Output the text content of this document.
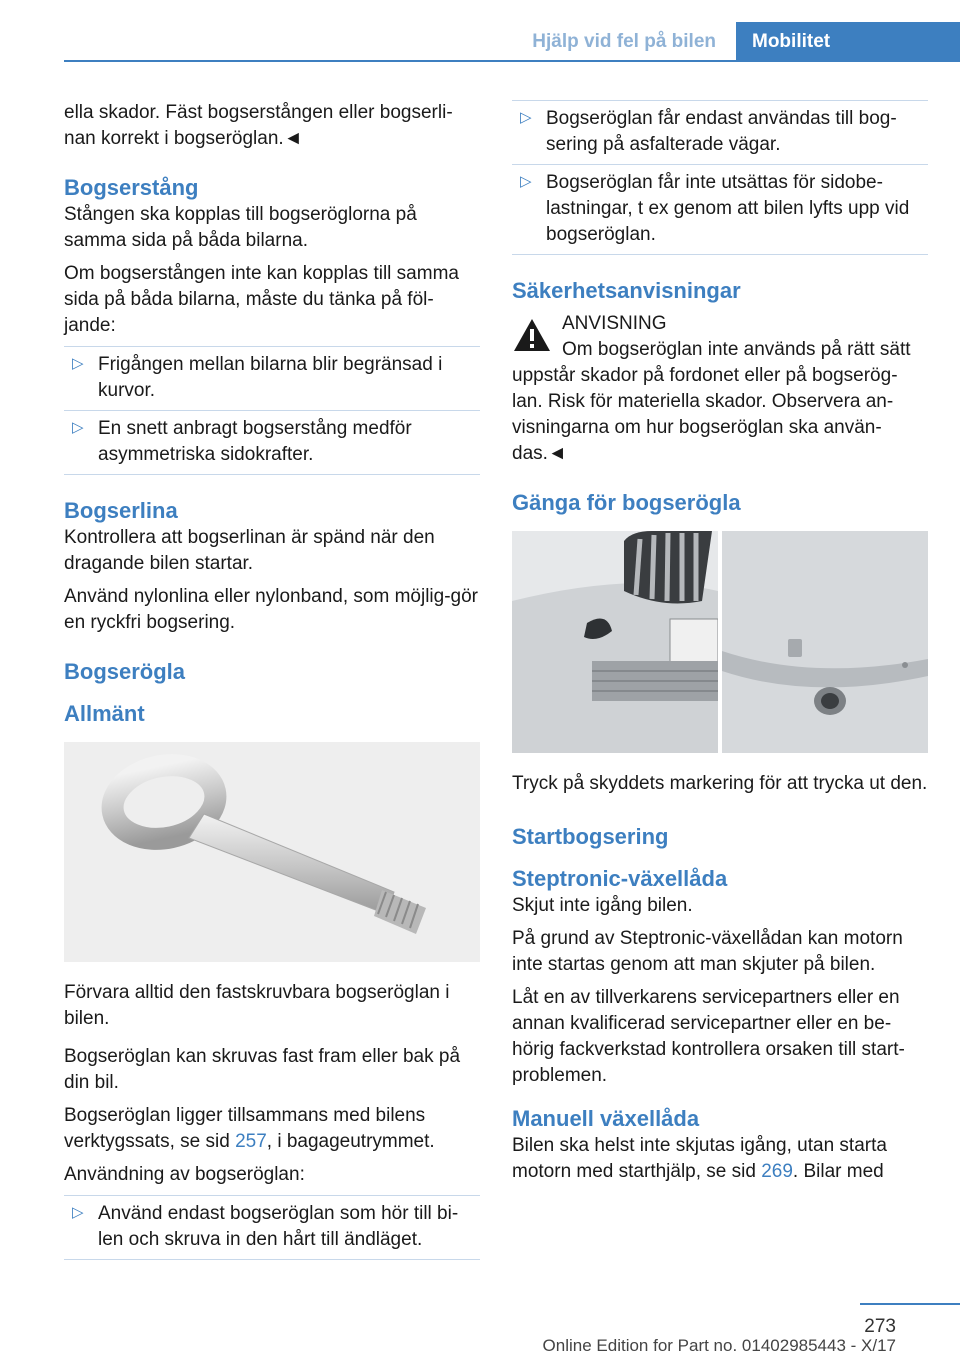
Hjälp vid fel på bilen	Mobilitet

ella skador. Fäst bogserstången eller bogserli-nan korrekt i bogseröglan.◄

Bogserstång

Stången ska kopplas till bogseröglorna på samma sida på båda bilarna.

Om bogserstången inte kan kopplas till samma sida på båda bilarna, måste du tänka på föl-jande:

▷ Frigången mellan bilarna blir begränsad i kurvor.
▷ En snett anbragt bogserstång medför asymmetriska sidokrafter.
Bogserlina

Kontrollera att bogserlinan är spänd när den dragande bilen startar.

Använd nylonlina eller nylonband, som möjlig-gör en ryckfri bogsering.

Bogserögla
Allmänt

Förvara alltid den fastskruvbara bogseröglan i bilen.

Bogseröglan kan skruvas fast fram eller bak på din bil.

Bogseröglan ligger tillsammans med bilens verktygssats, se sid 257, i bagageutrymmet.

Användning av bogseröglan:

▷ Använd endast bogseröglan som hör till bi-len och skruva in den hårt till ändläget.
▷ Bogseröglan får endast användas till bog-sering på asfalterade vägar.
▷ Bogseröglan får inte utsättas för sidobe-lastningar, t ex genom att bilen lyfts upp vid bogseröglan.
Säkerhetsanvisningar
ANVISNING
Om bogseröglan inte används på rätt sätt
uppstår skador på fordonet eller på bogserög-lan. Risk för materiella skador. Observera an-visningarna om hur bogseröglan ska använ-das.◄
Gänga för bogserögla

Tryck på skyddets markering för att trycka ut den.

Startbogsering
Steptronic-växellåda

Skjut inte igång bilen.

På grund av Steptronic-växellådan kan motorn inte startas genom att man skjuter på bilen.

Låt en av tillverkarens servicepartners eller en annan kvalificerad servicepartner eller en be-hörig fackverkstad kontrollera orsaken till start-problemen.

Manuell växellåda

Bilen ska helst inte skjutas igång, utan starta motorn med starthjälp, se sid 269. Bilar med

273
Online Edition for Part no. 01402985443 - X/17
